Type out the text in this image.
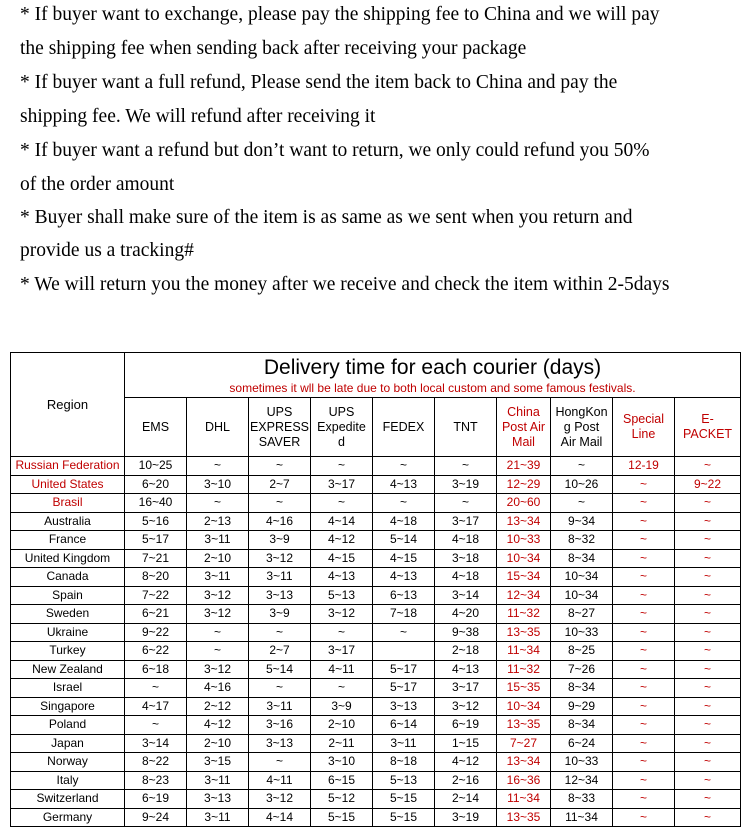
* If buyer want to exchange, please pay the shipping fee to China and we will pay

the shipping fee when sending back after receiving your package

* If buyer want a full refund, Please send the item back to China and pay the

shipping fee. We will refund after receiving it

* If buyer want a refund but don’t want to return, we only could refund you 50%

of the order amount

* Buyer shall make sure of the item is as same as we sent when you return and

provide us a tracking#

* We will return you the money after we receive and check the item within 2-5days

Region	Delivery time for each courier (days)
sometimes it wll be late due to both local custom and some famous festivals.									

	EMS	DHL	UPS
EXPRESS
SAVER	UPS
Expedite
d	FEDEX	TNT	China
Post Air
Mail	HongKon
g Post
Air Mail	Special
Line	E-
PACKET
Russian Federation	10~25	~	~	~	~	~	21~39	~	12-19	~
United States	6~20	3~10	2~7	3~17	4~13	3~19	12~29	10~26	~	9~22
Brasil	16~40	~	~	~	~	~	20~60	~	~	~
Australia	5~16	2~13	4~16	4~14	4~18	3~17	13~34	9~34	~	~
France	5~17	3~11	3~9	4~12	5~14	4~18	10~33	8~32	~	~
United Kingdom	7~21	2~10	3~12	4~15	4~15	3~18	10~34	8~34	~	~
Canada	8~20	3~11	3~11	4~13	4~13	4~18	15~34	10~34	~	~
Spain	7~22	3~12	3~13	5~13	6~13	3~14	12~34	10~34	~	~
Sweden	6~21	3~12	3~9	3~12	7~18	4~20	11~32	8~27	~	~
Ukraine	9~22	~	~	~	~	9~38	13~35	10~33	~	~
Turkey	6~22	~	2~7	3~17		2~18	11~34	8~25	~	~
New Zealand	6~18	3~12	5~14	4~11	5~17	4~13	11~32	7~26	~	~
Israel	~	4~16	~	~	5~17	3~17	15~35	8~34	~	~
Singapore	4~17	2~12	3~11	3~9	3~13	3~12	10~34	9~29	~	~
Poland	~	4~12	3~16	2~10	6~14	6~19	13~35	8~34	~	~
Japan	3~14	2~10	3~13	2~11	3~11	1~15	7~27	6~24	~	~
Norway	8~22	3~15	~	3~10	8~18	4~12	13~34	10~33	~	~
Italy	8~23	3~11	4~11	6~15	5~13	2~16	16~36	12~34	~	~
Switzerland	6~19	3~13	3~12	5~12	5~15	2~14	11~34	8~33	~	~
Germany	9~24	3~11	4~14	5~15	5~15	3~19	13~35	11~34	~	~
